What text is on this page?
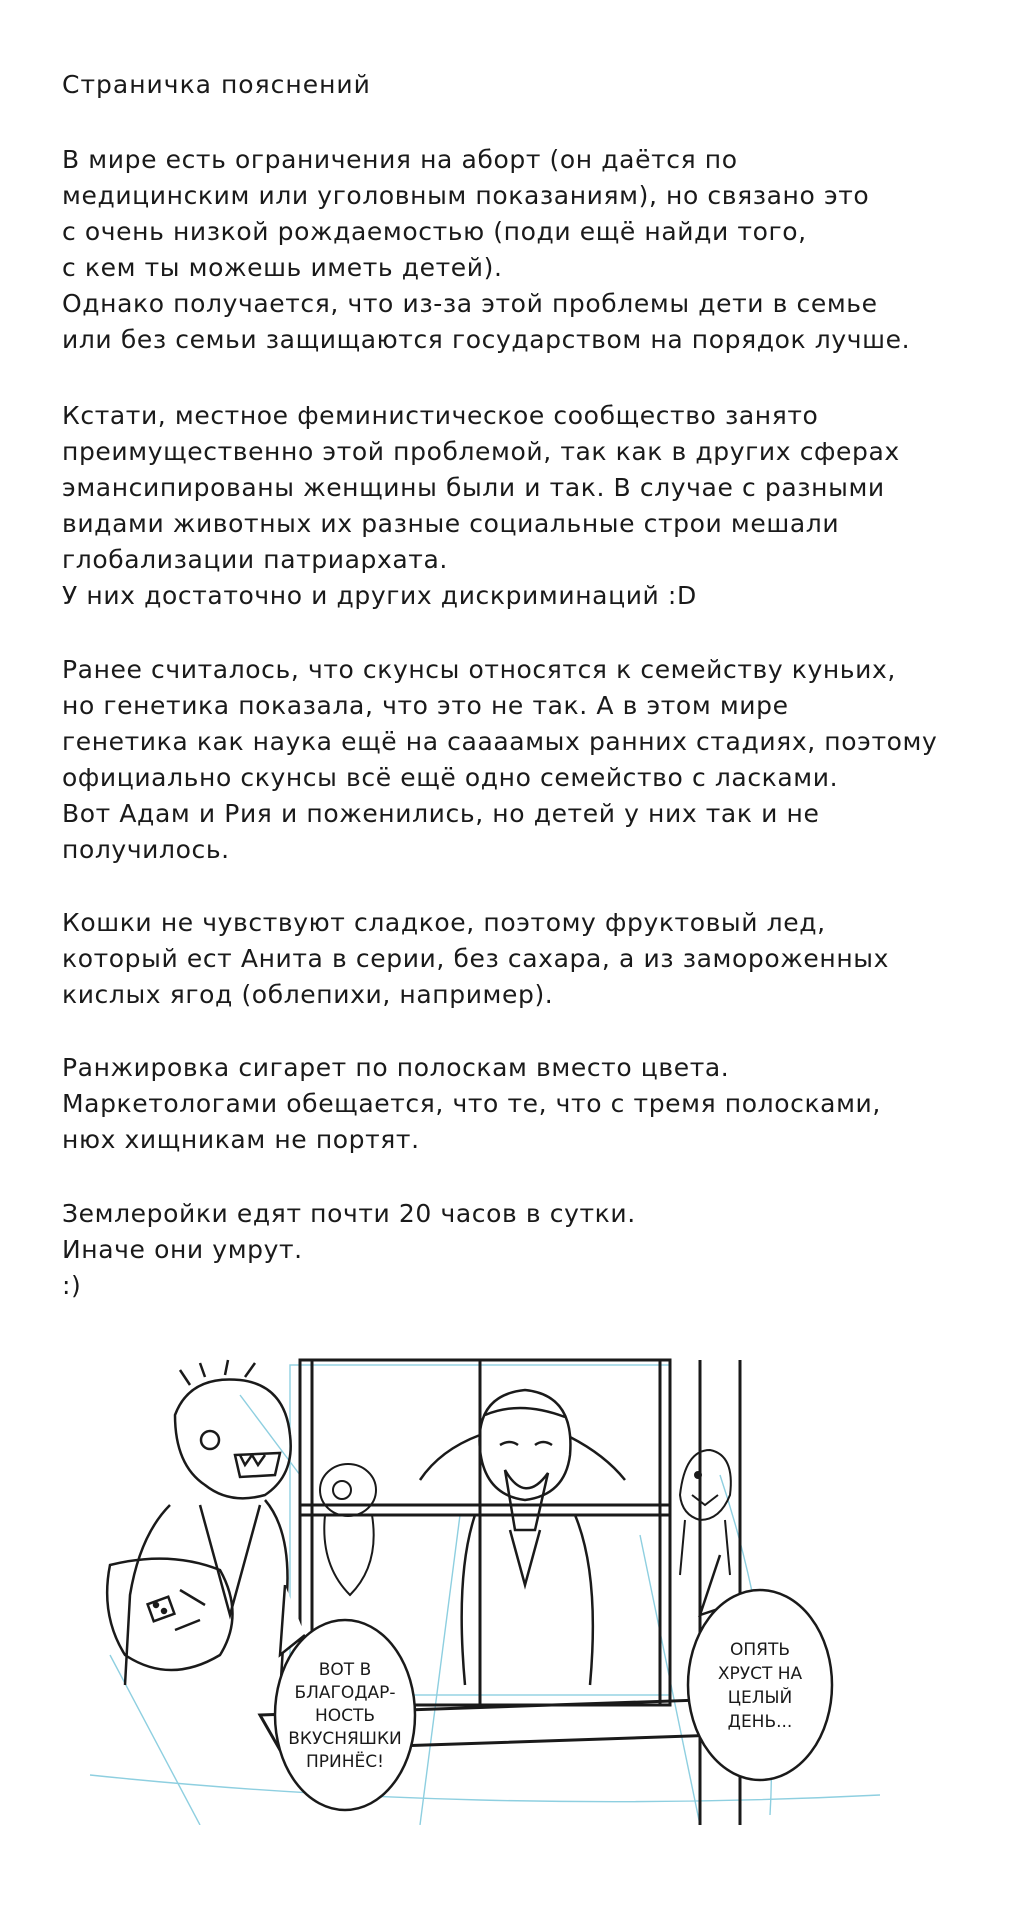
Страничка пояснений
В мире есть ограничения на аборт (он даётся по
медицинским или уголовным показаниям), но связано это
с очень низкой рождаемостью (поди ещё найди того,
с кем ты можешь иметь детей).
Однако получается, что из-за этой проблемы дети в семье
или без семьи защищаются государством на порядок лучше.
Кстати, местное феминистическое сообщество занято
преимущественно этой проблемой, так как в других сферах
эмансипированы женщины были и так. В случае с разными
видами животных их разные социальные строи мешали
глобализации патриархата.
У них достаточно и других дискриминаций :D
Ранее считалось, что скунсы относятся к семейству куньих,
но генетика показала, что это не так. А в этом мире
генетика как наука ещё на саааамых ранних стадиях, поэтому
официально скунсы всё ещё одно семейство с ласками.
Вот Адам и Рия и поженились, но детей у них так и не
получилось.
Кошки не чувствуют сладкое, поэтому фруктовый лед,
который ест Анита в серии, без сахара, а из замороженных
кислых ягод (облепихи, например).
Ранжировка сигарет по полоскам вместо цвета.
Маркетологами обещается, что те, что с тремя полосками,
нюх хищникам не портят.
Землеройки едят почти 20 часов в сутки.
Иначе они умрут.
:)
ВОТ В
БЛАГОДАР-
НОСТЬ
ВКУСНЯШКИ
ПРИНЁС!
ОПЯТЬ
ХРУСТ НА
ЦЕЛЫЙ
ДЕНЬ...
